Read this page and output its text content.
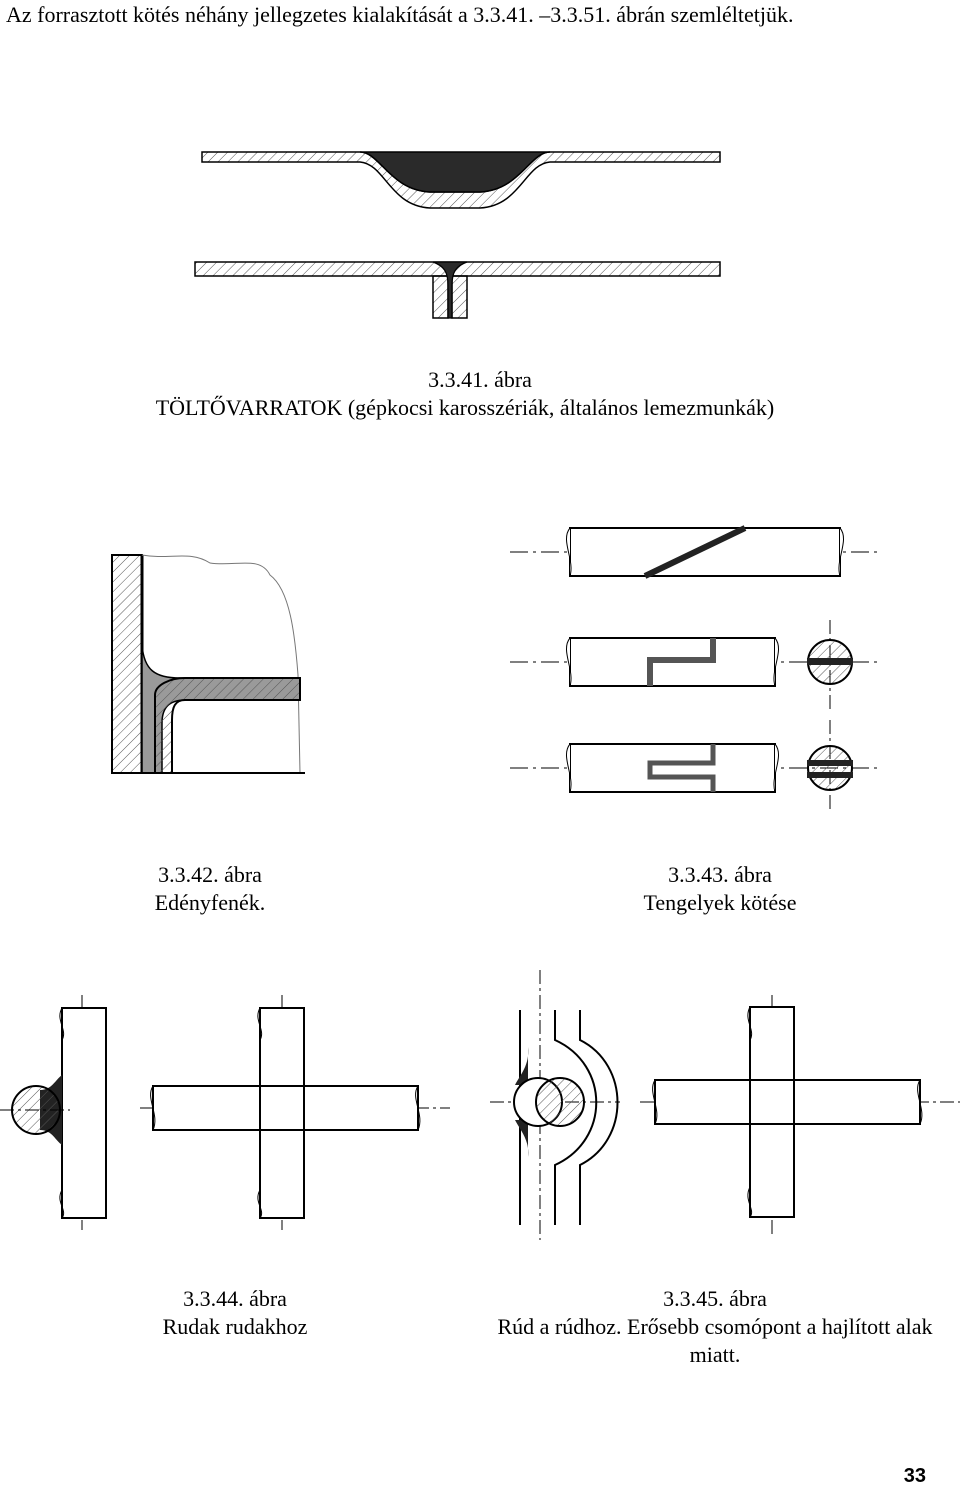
Az forrasztott kötés néhány jellegzetes kialakítását a 3.3.41. –3.3.51. ábrán szemléltetjük.
3.3.41. ábra
TÖLTŐVARRATOK (gépkocsi karosszériák, általános lemezmunkák)
3.3.42. ábra
Edényfenék.
3.3.43. ábra
Tengelyek kötése
3.3.44. ábra
Rudak rudakhoz
3.3.45. ábra
Rúd a rúdhoz. Erősebb csomópont a hajlított alak
miatt.
33
